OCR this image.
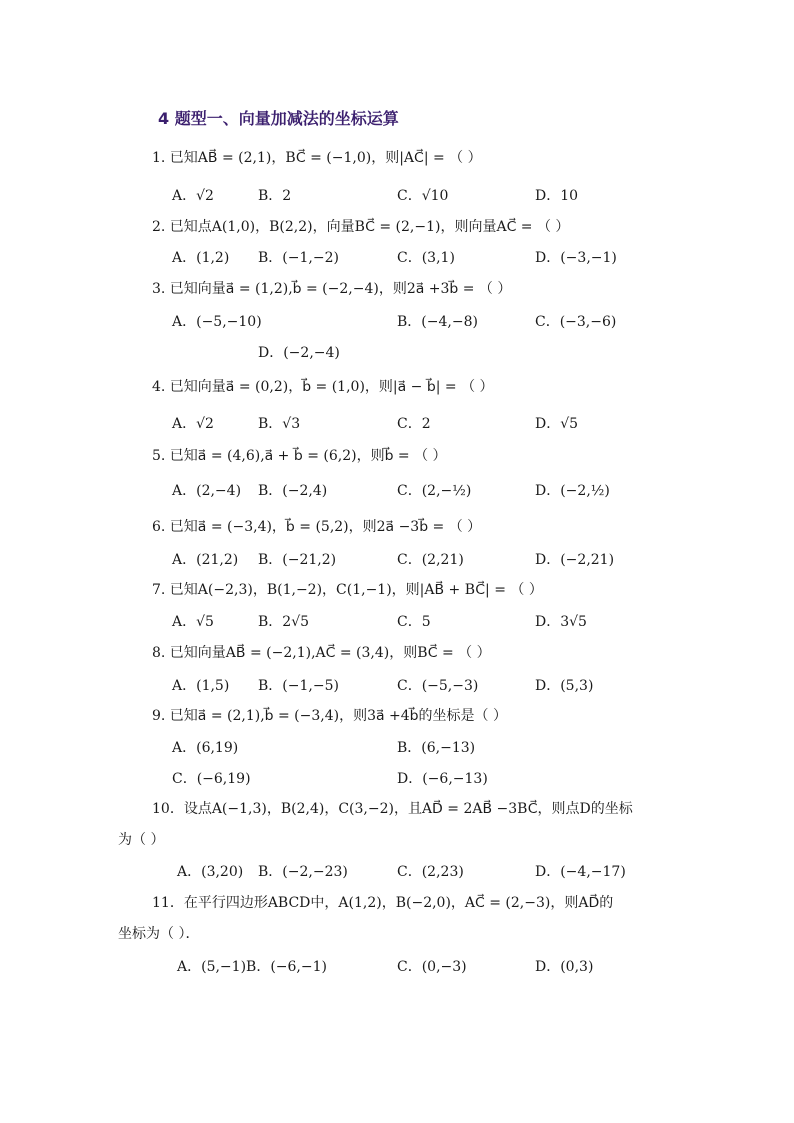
4 题型一、向量加减法的坐标运算
1. 已知AB⃗ = (2,1)，BC⃗ = (−1,0)，则|AC⃗| = （ ）
A．√2	B．2	C．√10	D．10
2. 已知点A(1,0)，B(2,2)，向量BC⃗ = (2,−1)，则向量AC⃗ = （ ）
A．(1,2) B．(−1,−2)	C．(3,1)	D．(−3,−1)
3. 已知向量a⃗ = (1,2),b⃗ = (−2,−4)，则2a⃗ +3b⃗ = （ ）
A．(−5,−10)	B．(−4,−8)	C．(−3,−6)
D．(−2,−4)
4. 已知向量a⃗ = (0,2)，b⃗ = (1,0)，则|a⃗ − b⃗| = （ ）
A．√2	B．√3	C．2	D．√5
5. 已知a⃗ = (4,6),a⃗ + b⃗ = (6,2)，则b⃗ = （ ）
A．(2,−4) B．(−2,4)	C．(2,−½)	D．(−2,½)
6. 已知a⃗ = (−3,4)，b⃗ = (5,2)，则2a⃗ −3b⃗ = （ ）
A．(21,2) B．(−21,2)	C．(2,21)	D．(−2,21)
7. 已知A(−2,3)，B(1,−2)，C(1,−1)，则|AB⃗ + BC⃗| = （ ）
A．√5	B．2√5	C．5	D．3√5
8. 已知向量AB⃗ = (−2,1),AC⃗ = (3,4)，则BC⃗ = （ ）
A．(1,5) B．(−1,−5)	C．(−5,−3)	D．(5,3)
9. 已知a⃗ = (2,1),b⃗ = (−3,4)，则3a⃗ +4b⃗的坐标是（ ）
A．(6,19)	B．(6,−13)
C．(−6,19)	D．(−6,−13)
10．设点A(−1,3)，B(2,4)，C(3,−2)，且AD⃗ = 2AB⃗ −3BC⃗，则点D的坐标
为（ ）
A．(3,20) B．(−2,−23)	C．(2,23)	D．(−4,−17)
11．在平行四边形ABCD中，A(1,2)，B(−2,0)，AC⃗ = (2,−3)，则AD⃗的
坐标为（ ）．
A．(5,−1)B．(−6,−1)	C．(0,−3)	D．(0,3)
